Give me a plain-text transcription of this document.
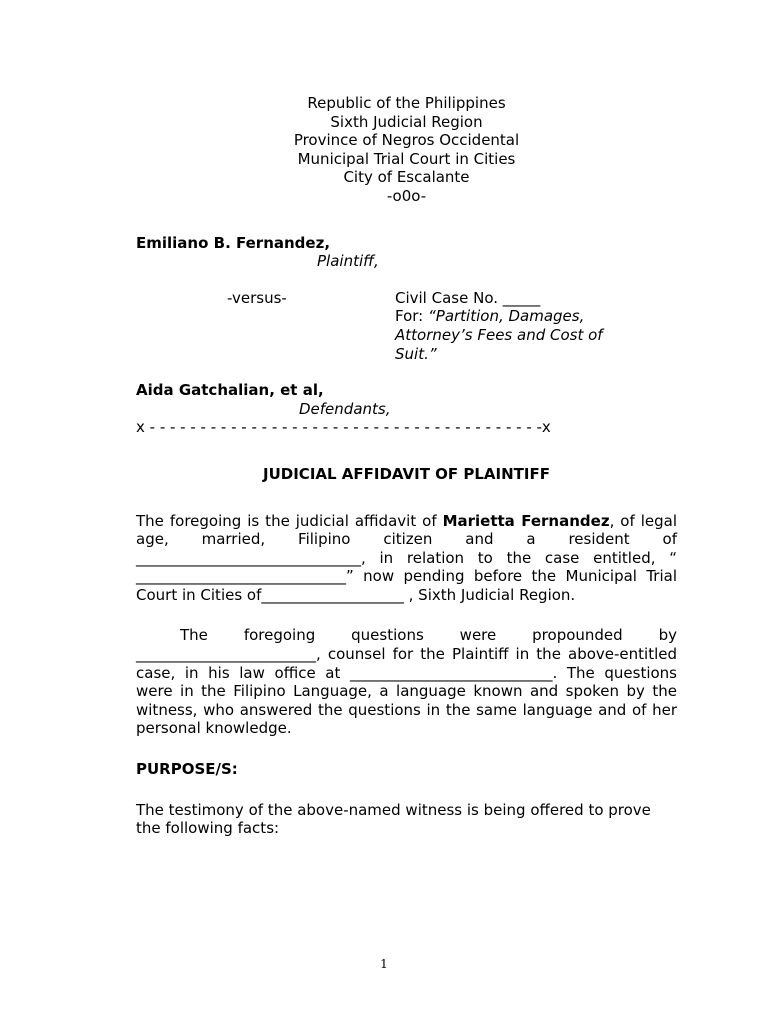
Republic of the Philippines
Sixth Judicial Region
Province of Negros Occidental
Municipal Trial Court in Cities
City of Escalante
-o0o-
Emiliano B. Fernandez,
Plaintiff,
-versus-	Civil Case No. _____
For: “Partition, Damages,
Attorney’s Fees and Cost of
Suit.”
Aida Gatchalian, et al,
Defendants,
x - - - - - - - - - - - - - - - - - - - - - - - - - - - - - - - - - - - - - - -x
JUDICIAL AFFIDAVIT OF PLAINTIFF

The foregoing is the judicial affidavit of Marietta Fernandez, of legal age, married, Filipino citizen and a resident of ______________________________, in relation to the case entitled, “ ____________________________” now pending before the Municipal Trial Court in Cities of___________________ , Sixth Judicial Region.

The foregoing questions were propounded by ________________________, counsel for the Plaintiff in the above-entitled case, in his law office at ___________________________. The questions were in the Filipino Language, a language known and spoken by the witness, who answered the questions in the same language and of her personal knowledge.

PURPOSE/S:

The testimony of the above-named witness is being offered to prove the following facts:

1
